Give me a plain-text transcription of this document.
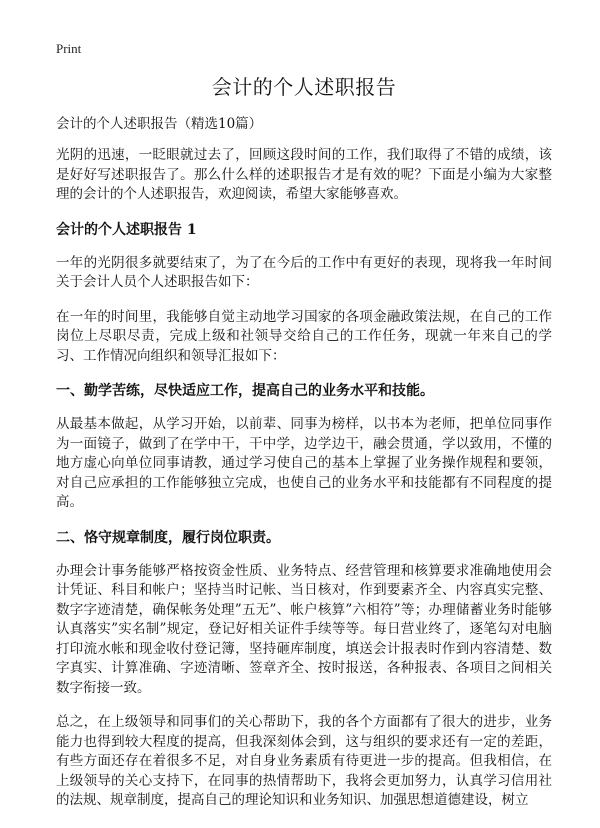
Print
会计的个人述职报告
会计的个人述职报告（精选10篇）

光阴的迅速，一眨眼就过去了，回顾这段时间的工作，我们取得了不错的成绩，该是好好写述职报告了。那么什么样的述职报告才是有效的呢？下面是小编为大家整理的会计的个人述职报告，欢迎阅读，希望大家能够喜欢。

会计的个人述职报告 1

一年的光阴很多就要结束了，为了在今后的工作中有更好的表现，现将我一年时间关于会计人员个人述职报告如下：

在一年的时间里，我能够自觉主动地学习国家的各项金融政策法规，在自己的工作岗位上尽职尽责，完成上级和社领导交给自己的工作任务，现就一年来自己的学习、工作情况向组织和领导汇报如下：

一、勤学苦练，尽快适应工作，提高自己的业务水平和技能。

从最基本做起，从学习开始，以前辈、同事为榜样，以书本为老师，把单位同事作为一面镜子，做到了在学中干，干中学，边学边干，融会贯通，学以致用，不懂的地方虚心向单位同事请教，通过学习使自己的基本上掌握了业务操作规程和要领，对自己应承担的工作能够独立完成，也使自己的业务水平和技能都有不同程度的提高。

二、恪守规章制度，履行岗位职责。

办理会计事务能够严格按资金性质、业务特点、经营管理和核算要求准确地使用会计凭证、科目和帐户；坚持当时记帐、当日核对，作到要素齐全、内容真实完整、数字字迹清楚，确保帐务处理”五无”、帐户核算”六相符”等；办理储蓄业务时能够认真落实”实名制”规定，登记好相关证件手续等等。每日营业终了，逐笔勾对电脑打印流水帐和现金收付登记簿，坚持砸库制度，填送会计报表时作到内容清楚、数字真实、计算准确、字迹清晰、签章齐全、按时报送，各种报表、各项目之间相关数字衔接一致。

总之，在上级领导和同事们的关心帮助下，我的各个方面都有了很大的进步，业务能力也得到较大程度的提高，但我深刻体会到，这与组织的要求还有一定的差距，有些方面还存在着很多不足，对自身业务素质有待更进一步的提高。但我相信，在上级领导的关心支持下，在同事的热情帮助下，我将会更加努力，认真学习信用社的法规、规章制度，提高自己的理论知识和业务知识、加强思想道德建设，树立
